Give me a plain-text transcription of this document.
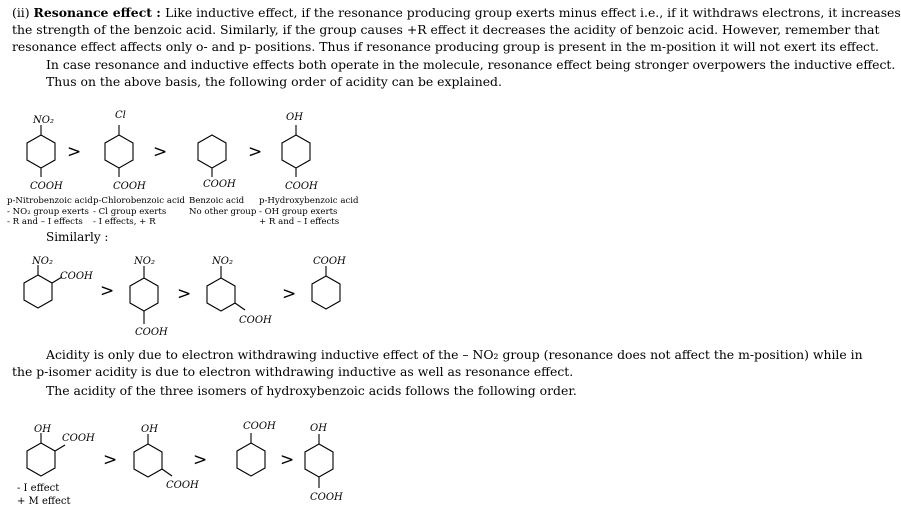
(ii) Resonance effect : Like inductive effect, if the resonance producing group exerts minus effect i.e., if it withdraws electrons, it increases

the strength of the benzoic acid. Similarly, if the group causes +R effect it decreases the acidity of benzoic acid. However, remember that

resonance effect affects only o- and p- positions. Thus if resonance producing group is present in the m-position it will not exert its effect.

In case resonance and inductive effects both operate in the molecule, resonance effect being stronger overpowers the inductive effect.

Thus on the above basis, the following order of acidity can be explained.

NO₂
COOH
>
Cl
COOH
>
COOH
>
OH
COOH
p-Nitrobenzoic acid
- NO₂ group exerts
- R and – I effects
p-Chlorobenzoic acid
- Cl group exerts
- I effects, + R
Benzoic acid
No other group
p-Hydroxybenzoic acid
- OH group exerts
+ R and – I effects
Similarly :
NO₂
COOH
>
NO₂
COOH
>
NO₂
COOH
>
COOH

Acidity is only due to electron withdrawing inductive effect of the – NO₂ group (resonance does not affect the m-position) while in

the p-isomer acidity is due to electron withdrawing inductive as well as resonance effect.

The acidity of the three isomers of hydroxybenzoic acids follows the following order.

OH
COOH
>
OH
COOH
>
COOH
>
OH
COOH
- I effect
+ M effect
